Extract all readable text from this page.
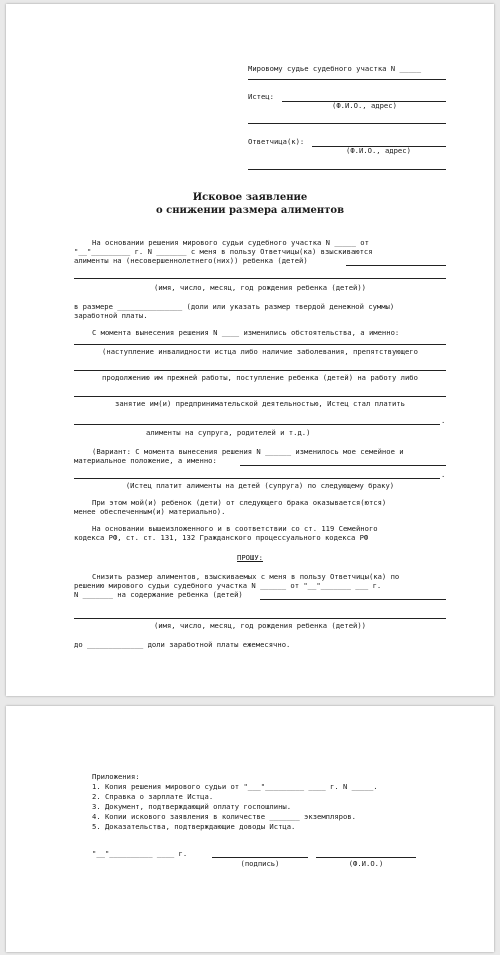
Мировому судье судебного участка N _____

Истец:

(Ф.И.О., адрес)

Ответчица(к):

(Ф.И.О., адрес)

Исковое заявление

о снижении размера алиментов

На основании решения мирового судьи судебного участка N _____ от

"__"_________ г. N _______ с меня в пользу Ответчицы(ка) взыскиваются

алименты на (несовершеннолетнего(них)) ребенка (детей)

(имя, число, месяц, год рождения ребенка (детей))

в размере _______________ (доли или указать размер твердой денежной суммы)

заработной платы.

С момента вынесения решения N ____ изменились обстоятельства, а именно:

(наступление инвалидности истца либо наличие заболевания, препятствующего

продолжению им прежней работы, поступление ребенка (детей) на работу либо

занятие им(и) предпринимательской деятельностью, Истец стал платить

.

алименты на супруга, родителей и т.д.)

(Вариант: С момента вынесения решения N ______ изменилось мое семейное и

материальное положение, а именно:

.

(Истец платит алименты на детей (супруга) по следующему браку)

При этом мой(и) ребенок (дети) от следующего брака оказывается(ются)

менее обеспеченным(и) материально).

На основании вышеизложенного и в соответствии со ст. 119 Семейного

кодекса РФ, ст. ст. 131, 132 Гражданского процессуального кодекса РФ

ПРОШУ:

Снизить размер алиментов, взыскиваемых с меня в пользу Ответчицы(ка) по

решению мирового судьи судебного участка N ______ от "__"_______ ___ г.

N _______ на содержание ребенка (детей)

(имя, число, месяц, год рождения ребенка (детей))

до _____________ доли заработной платы ежемесячно.

Приложения:

1. Копия решения мирового судьи от "___"_________ ____ г. N _____.

2. Справка о зарплате Истца.

3. Документ, подтверждающий оплату госпошлины.

4. Копии искового заявления в количестве _______ экземпляров.

5. Доказательства, подтверждающие доводы Истца.

"__"__________ ____ г.

(подпись)	(Ф.И.О.)
